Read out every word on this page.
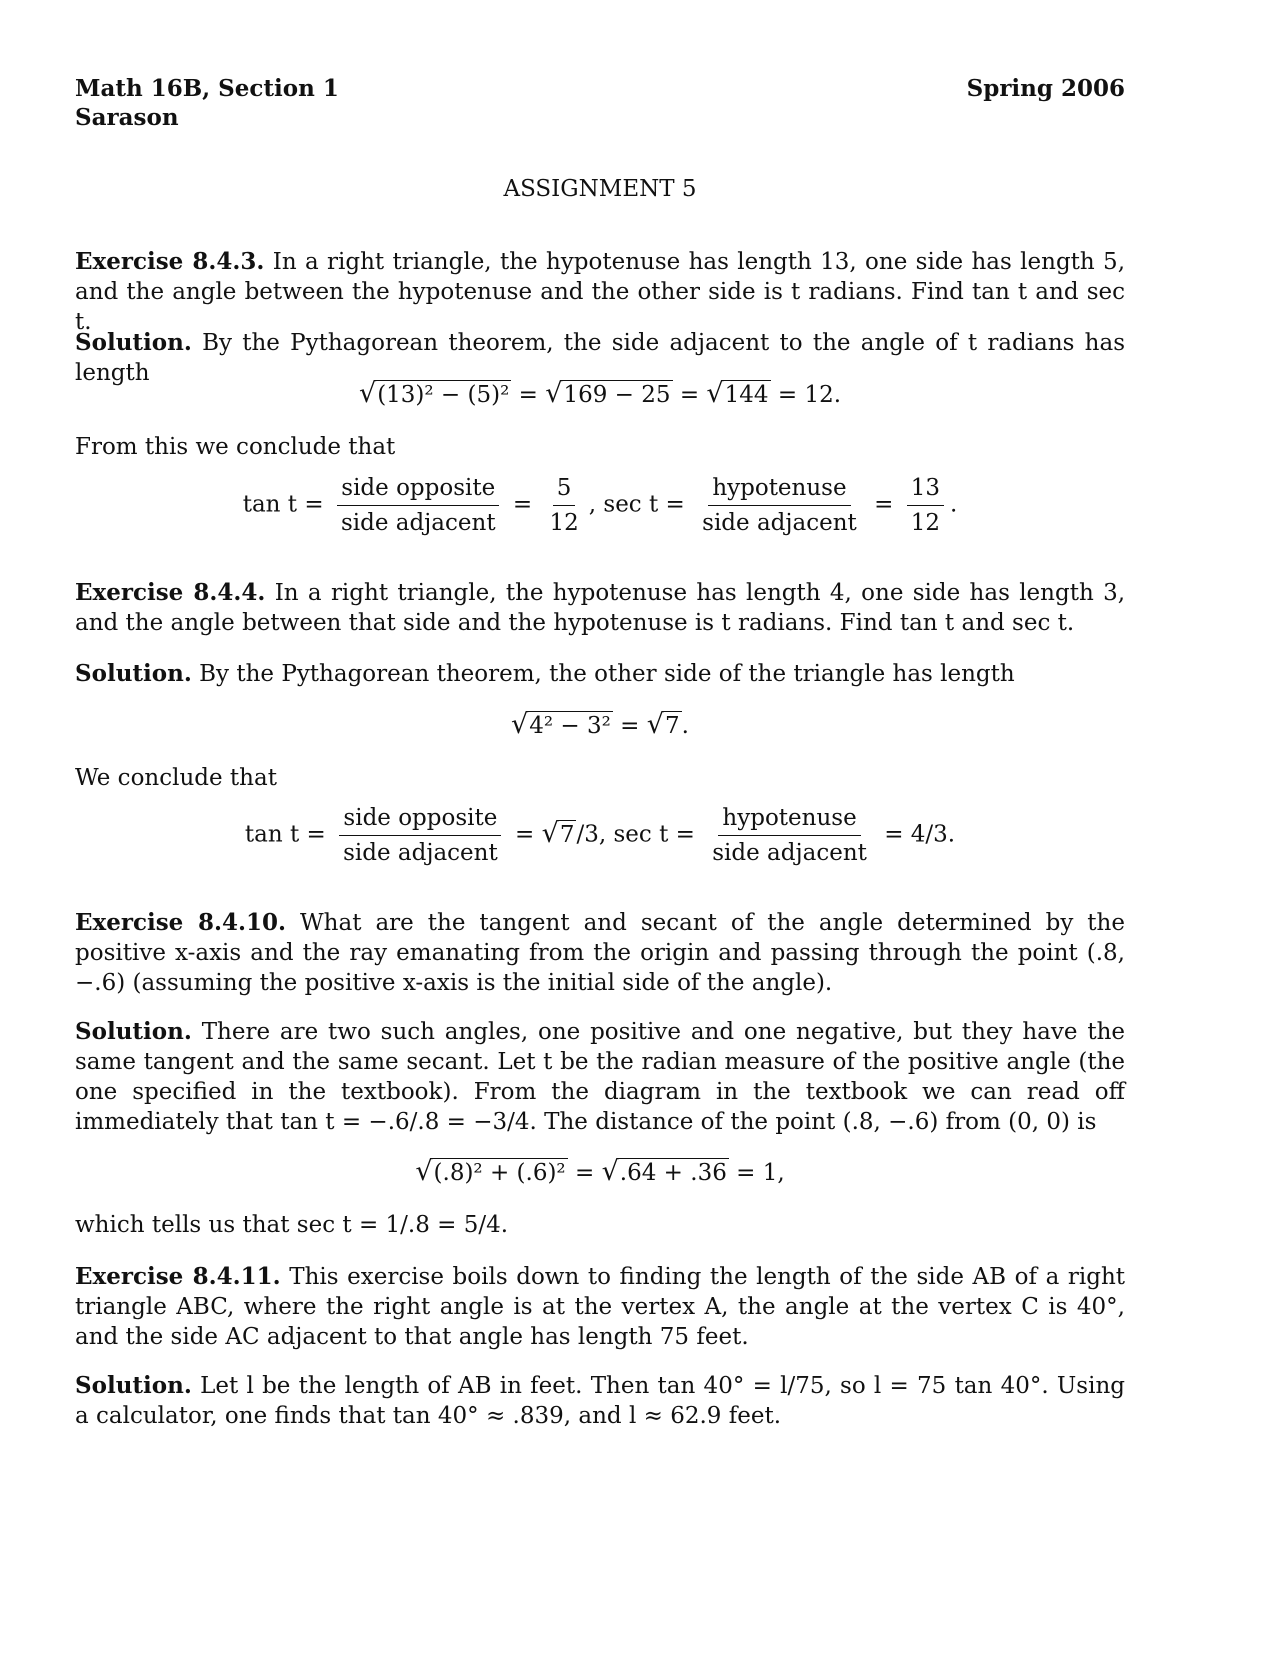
Math 16B, Section 1
Sarason
Spring 2006
ASSIGNMENT 5
Exercise 8.4.3. In a right triangle, the hypotenuse has length 13, one side has length 5, and the angle between the hypotenuse and the other side is t radians. Find tan t and sec t.
Solution. By the Pythagorean theorem, the side adjacent to the angle of t radians has length
√ (13)² − (5)² = √ 169 − 25 = √ 144 = 12.
From this we conclude that
$\tan t = \frac{\text{side opposite}}{\text{side adjacent}} = \frac{5}{12}$ , $\sec t = \frac{\text{hypotenuse}}{\text{side adjacent}} = \frac{13}{12}$ .
Exercise 8.4.4. In a right triangle, the hypotenuse has length 4, one side has length 3, and the angle between that side and the hypotenuse is t radians. Find tan t and sec t.
Solution. By the Pythagorean theorem, the other side of the triangle has length
√ 4² − 3² = √ 7 .
We conclude that
$\tan t = \frac{\text{side opposite}}{\text{side adjacent}}$ = √ 7 /3, $\sec t = \frac{\text{hypotenuse}}{\text{side adjacent}} = 4/3$.
Exercise 8.4.10. What are the tangent and secant of the angle determined by the positive x-axis and the ray emanating from the origin and passing through the point (.8, −.6) (assuming the positive x-axis is the initial side of the angle).
Solution. There are two such angles, one positive and one negative, but they have the same tangent and the same secant. Let t be the radian measure of the positive angle (the one specified in the textbook). From the diagram in the textbook we can read off immediately that tan t = −.6/.8 = −3/4. The distance of the point (.8, −.6) from (0, 0) is
√ (.8)² + (.6)² = √ .64 + .36 = 1,
which tells us that sec t = 1/.8 = 5/4.
Exercise 8.4.11. This exercise boils down to finding the length of the side AB of a right triangle ABC, where the right angle is at the vertex A, the angle at the vertex C is 40°, and the side AC adjacent to that angle has length 75 feet.
Solution. Let l be the length of AB in feet. Then tan 40° = l/75, so l = 75 tan 40°. Using a calculator, one finds that tan 40° ≈ .839, and l ≈ 62.9 feet.
